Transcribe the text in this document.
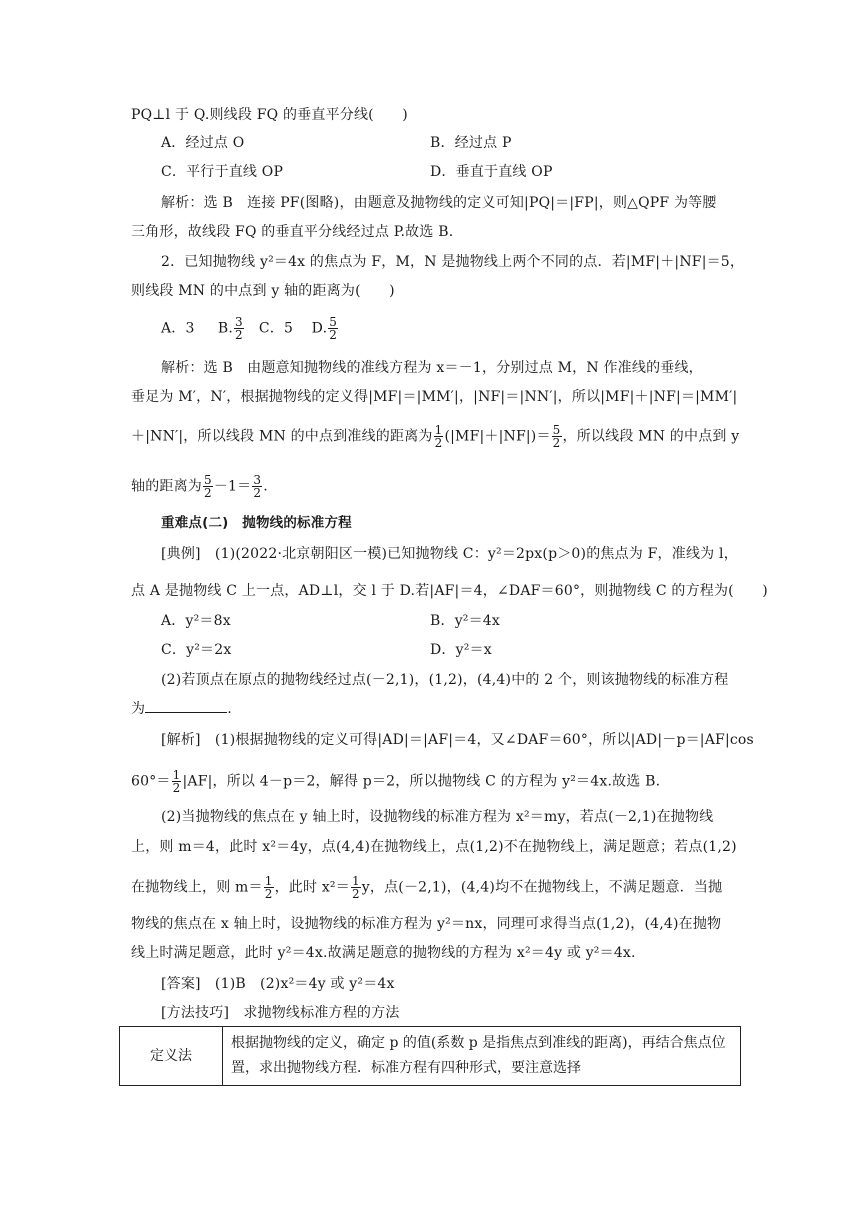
PQ⊥l 于 Q.则线段 FQ 的垂直平分线(　　)
A．经过点 O	B．经过点 P
C．平行于直线 OP	D．垂直于直线 OP
解析：选 B　连接 PF(图略)，由题意及抛物线的定义可知|PQ|＝|FP|，则△QPF 为等腰
三角形，故线段 FQ 的垂直平分线经过点 P.故选 B.
2．已知抛物线 y²＝4x 的焦点为 F，M，N 是抛物线上两个不同的点．若|MF|＋|NF|＝5，
则线段 MN 的中点到 y 轴的距离为(　　)
A．3 B. $\frac{3}{2}$ C．5 D. $\frac{5}{2}$
解析：选 B　由题意知抛物线的准线方程为 x＝－1，分别过点 M，N 作准线的垂线，
垂足为 M′，N′，根据抛物线的定义得|MF|＝|MM′|，|NF|＝|NN′|，所以|MF|＋|NF|＝|MM′|
＋|NN′|，所以线段 MN 的中点到准线的距离为 $\frac{1}{2} (|MF|+|NF|)= \frac{5}{2}$ ，所以线段 MN 的中点到 y
轴的距离为 $\frac{5}{2} -1= \frac{3}{2}$ .
重难点(二)　抛物线的标准方程
[典例]　(1)(2022·北京朝阳区一模)已知抛物线 C：y²＝2px(p＞0)的焦点为 F，准线为 l，
点 A 是抛物线 C 上一点，AD⊥l，交 l 于 D.若|AF|＝4，∠DAF＝60°，则抛物线 C 的方程为(　　)
A．y²＝8x	B．y²＝4x
C．y²＝2x	D．y²＝x
(2)若顶点在原点的抛物线经过点(－2,1)，(1,2)，(4,4)中的 2 个，则该抛物线的标准方程
为	.
[解析]　(1)根据抛物线的定义可得|AD|＝|AF|＝4，又∠DAF＝60°，所以|AD|－p＝|AF|cos
$60^\circ= \frac{1}{2} |AF|$，所以 4－p＝2，解得 p＝2，所以抛物线 C 的方程为 y²＝4x.故选 B.
(2)当抛物线的焦点在 y 轴上时，设抛物线的标准方程为 x²＝my，若点(－2,1)在抛物线
上，则 m＝4，此时 x²＝4y，点(4,4)在抛物线上，点(1,2)不在抛物线上，满足题意；若点(1,2)
在抛物线上，则 $m= \frac{1}{2}$ ，此时 $x^2= \frac{1}{2}$ y，点(－2,1)，(4,4)均不在抛物线上，不满足题意．当抛
物线的焦点在 x 轴上时，设抛物线的标准方程为 y²＝nx，同理可求得当点(1,2)，(4,4)在抛物
线上时满足题意，此时 y²＝4x.故满足题意的抛物线的方程为 x²＝4y 或 y²＝4x.
[答案]　(1)B　(2)x²＝4y 或 y²＝4x
[方法技巧]　求抛物线标准方程的方法
定义法	根据抛物线的定义，确定 p 的值(系数 p 是指焦点到准线的距离)，再结合焦点位置，求出抛物线方程．标准方程有四种形式，要注意选择
